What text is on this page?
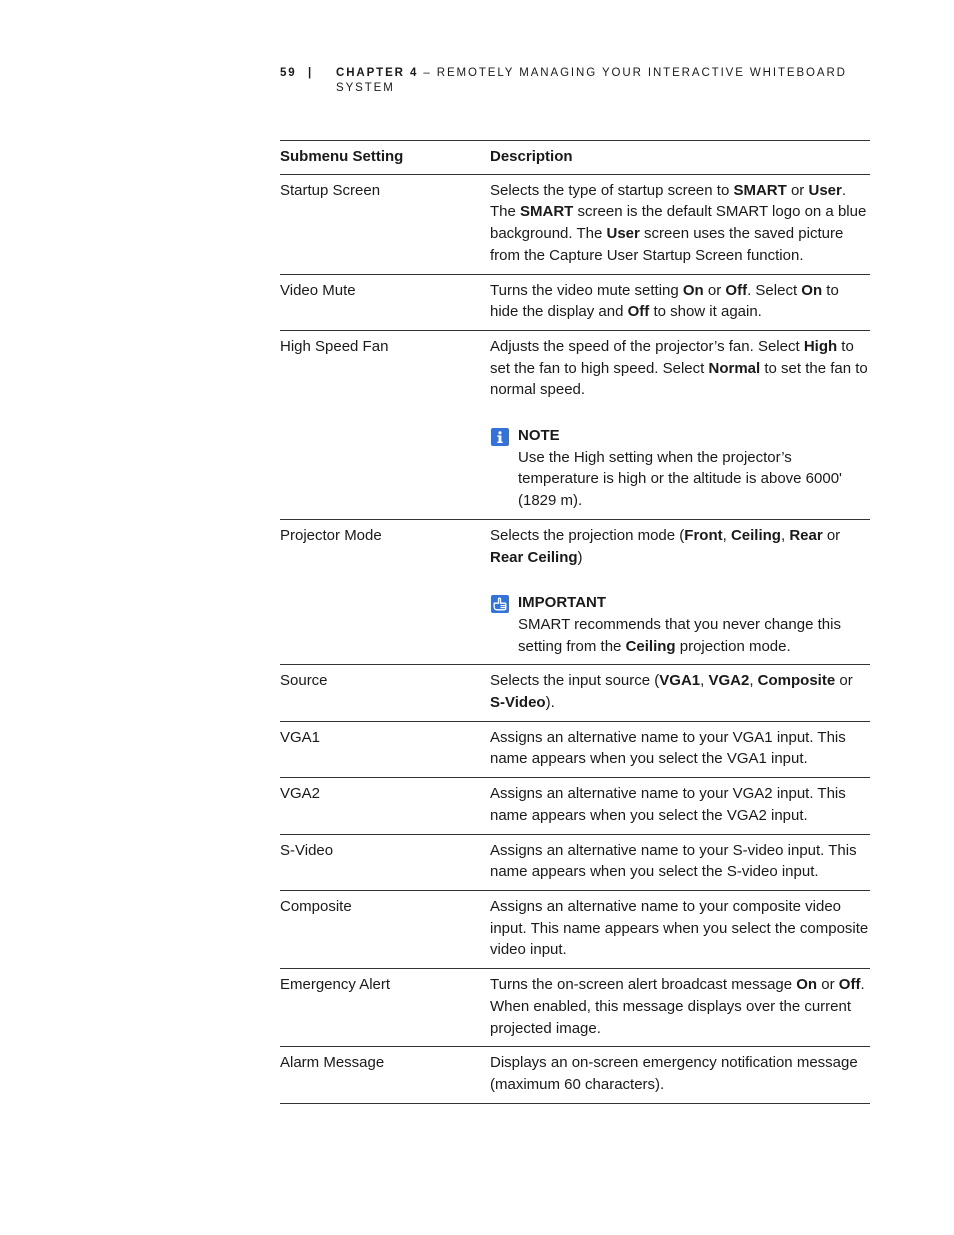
59 | CHAPTER 4 – REMOTELY MANAGING YOUR INTERACTIVE WHITEBOARD SYSTEM
Submenu Setting	Description
Startup Screen	Selects the type of startup screen to SMART or User. The SMART screen is the default SMART logo on a blue background. The User screen uses the saved picture from the Capture User Startup Screen function.

Video Mute	Turns the video mute setting On or Off. Select On to hide the display and Off to show it again.

High Speed Fan	Adjusts the speed of the projector’s fan. Select High to set the fan to high speed. Select Normal to set the fan to normal speed.
NOTE
Use the High setting when the projector’s temperature is high or the altitude is above 6000' (1829 m).

Projector Mode	Selects the projection mode (Front, Ceiling, Rear or Rear Ceiling)
IMPORTANT
SMART recommends that you never change this setting from the Ceiling projection mode.

Source	Selects the input source (VGA1, VGA2, Composite or S-Video).

VGA1	Assigns an alternative name to your VGA1 input. This name appears when you select the VGA1 input.

VGA2	Assigns an alternative name to your VGA2 input. This name appears when you select the VGA2 input.

S-Video	Assigns an alternative name to your S-video input. This name appears when you select the S-video input.

Composite	Assigns an alternative name to your composite video input. This name appears when you select the composite video input.

Emergency Alert	Turns the on-screen alert broadcast message On or Off. When enabled, this message displays over the current projected image.

Alarm Message	Displays an on-screen emergency notification message (maximum 60 characters).
